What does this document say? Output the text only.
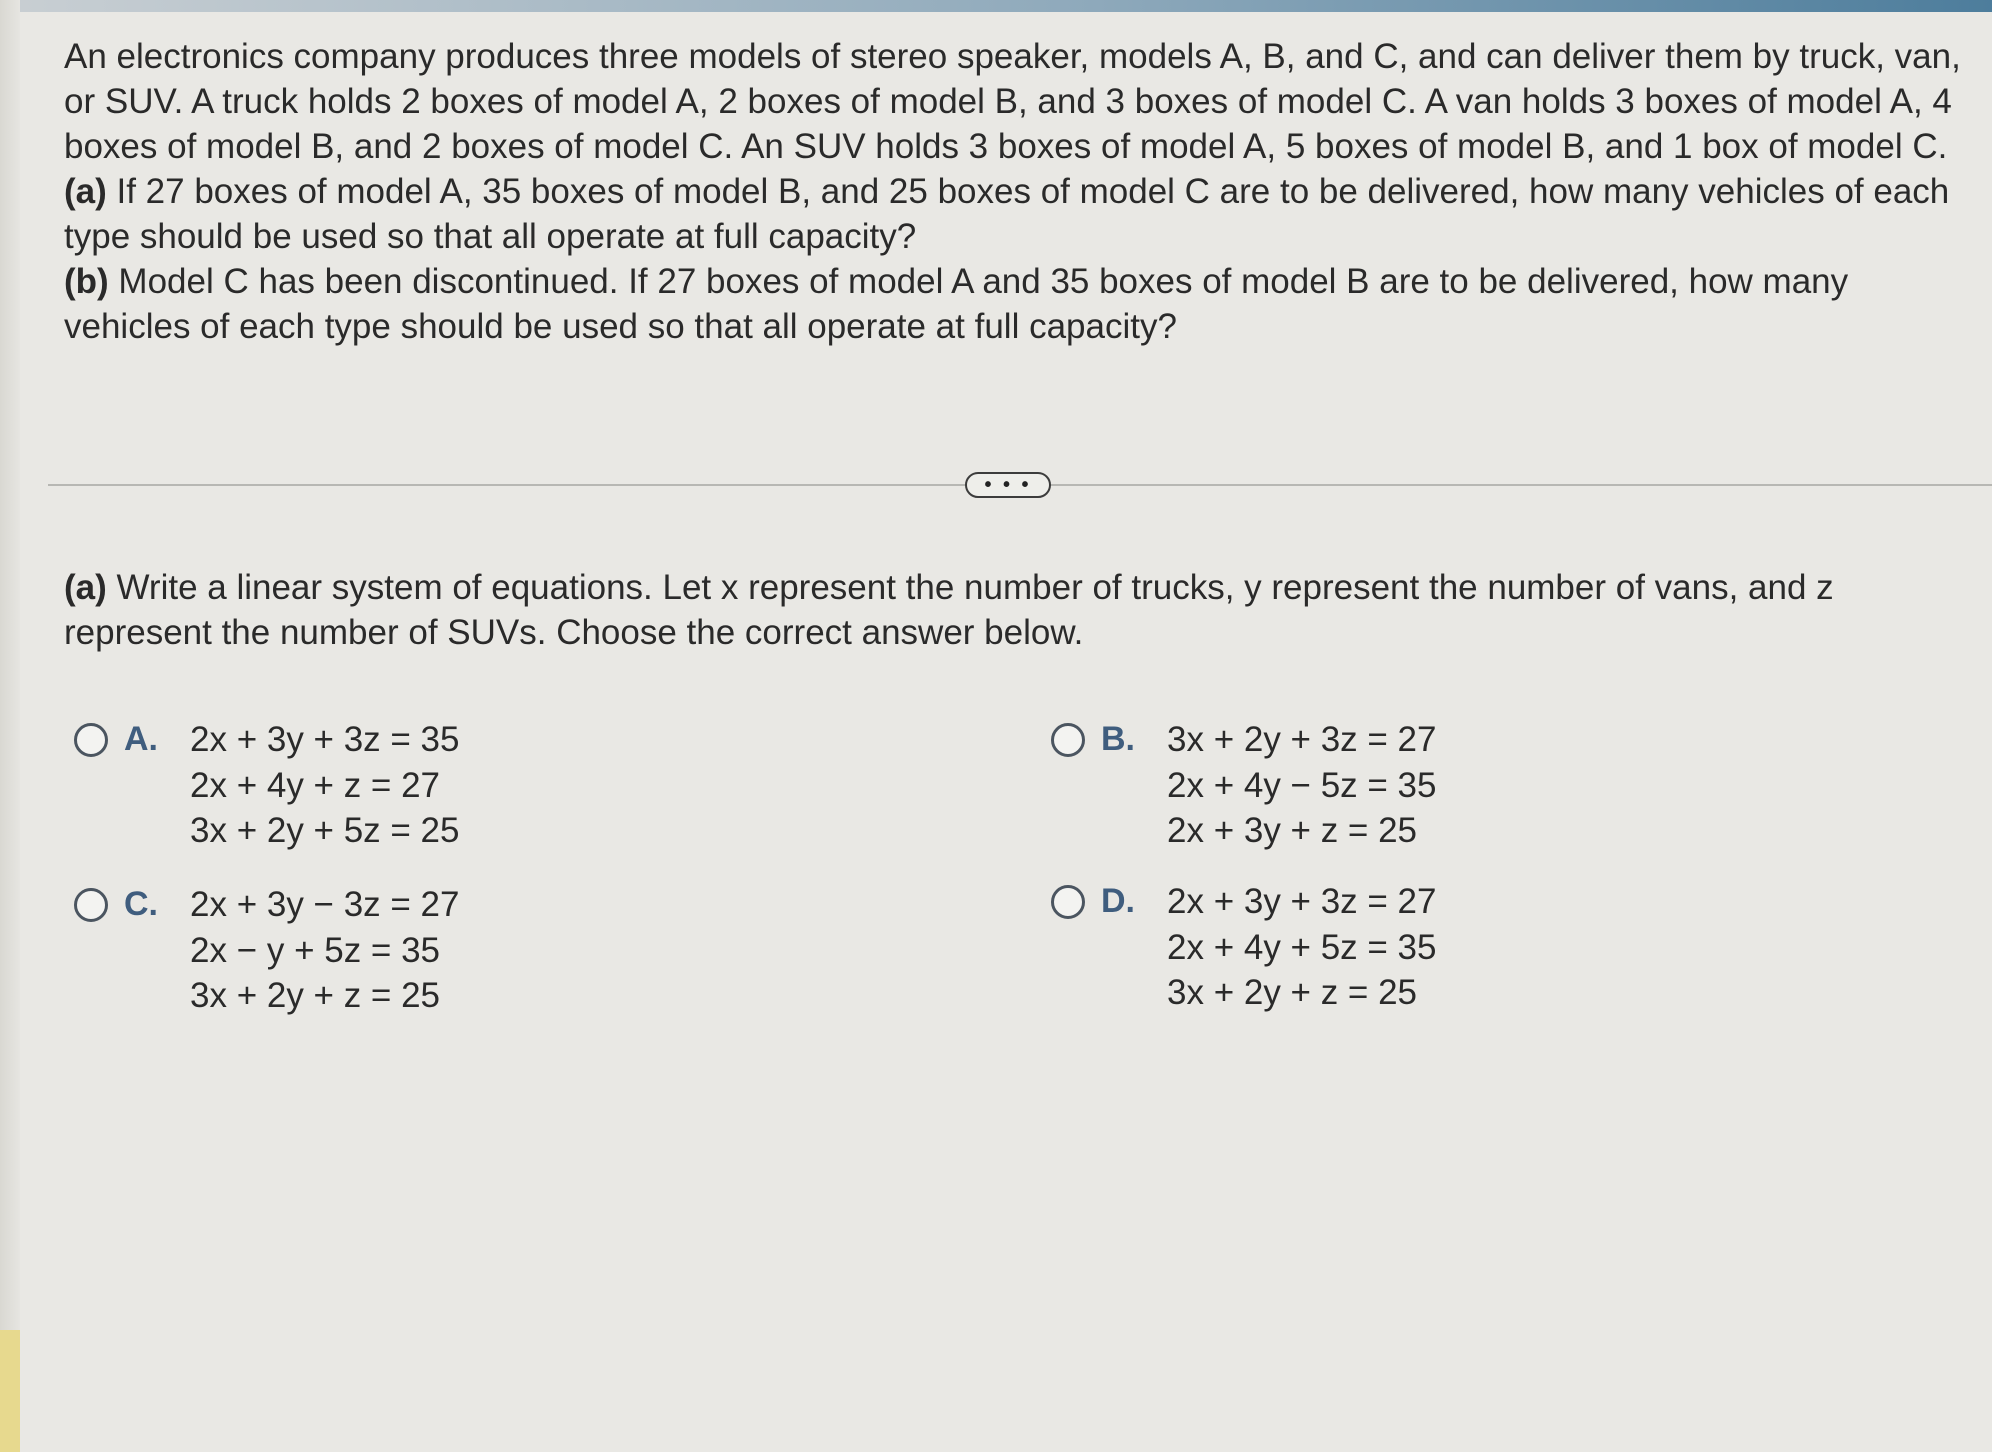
An electronics company produces three models of stereo speaker, models A, B, and C, and can deliver them by truck, van, or SUV. A truck holds 2 boxes of model A, 2 boxes of model B, and 3 boxes of model C. A van holds 3 boxes of model A, 4 boxes of model B, and 2 boxes of model C. An SUV holds 3 boxes of model A, 5 boxes of model B, and 1 box of model C.

(a) If 27 boxes of model A, 35 boxes of model B, and 25 boxes of model C are to be delivered, how many vehicles of each type should be used so that all operate at full capacity?

(b) Model C has been discontinued. If 27 boxes of model A and 35 boxes of model B are to be delivered, how many vehicles of each type should be used so that all operate at full capacity?

• • •

(a) Write a linear system of equations. Let x represent the number of trucks, y represent the number of vans, and z represent the number of SUVs. Choose the correct answer below.

A. 2x + 3y + 3z = 35
2x + 4y + z = 27
3x + 2y + 5z = 25
B. 3x + 2y + 3z = 27
2x + 4y − 5z = 35
2x + 3y + z = 25
C. 2x + 3y − 3z = 27
2x − y + 5z = 35
3x + 2y + z = 25
D. 2x + 3y + 3z = 27
2x + 4y + 5z = 35
3x + 2y + z = 25
